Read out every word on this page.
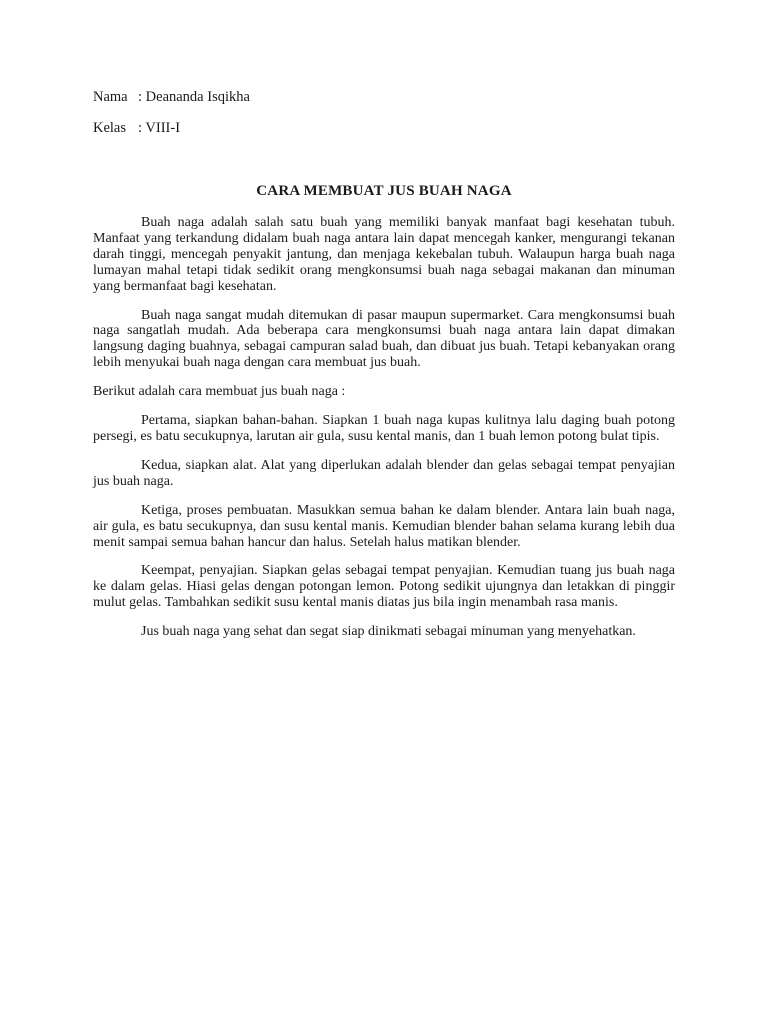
Nama : Deananda Isqikha
Kelas : VIII-I
CARA MEMBUAT JUS BUAH NAGA

Buah naga adalah salah satu buah yang memiliki banyak manfaat bagi kesehatan tubuh. Manfaat yang terkandung didalam buah naga antara lain dapat mencegah kanker, mengurangi tekanan darah tinggi, mencegah penyakit jantung, dan menjaga kekebalan tubuh. Walaupun harga buah naga lumayan mahal tetapi tidak sedikit orang mengkonsumsi buah naga sebagai makanan dan minuman yang bermanfaat bagi kesehatan.

Buah naga sangat mudah ditemukan di pasar maupun supermarket. Cara mengkonsumsi buah naga sangatlah mudah. Ada beberapa cara mengkonsumsi buah naga antara lain dapat dimakan langsung daging buahnya, sebagai campuran salad buah, dan dibuat jus buah. Tetapi kebanyakan orang lebih menyukai buah naga dengan cara membuat jus buah.

Berikut adalah cara membuat jus buah naga :

Pertama, siapkan bahan-bahan. Siapkan 1 buah naga kupas kulitnya lalu daging buah potong persegi, es batu secukupnya, larutan air gula, susu kental manis, dan 1 buah lemon potong bulat tipis.

Kedua, siapkan alat. Alat yang diperlukan adalah blender dan gelas sebagai tempat penyajian jus buah naga.

Ketiga, proses pembuatan. Masukkan semua bahan ke dalam blender. Antara lain buah naga, air gula, es batu secukupnya, dan susu kental manis. Kemudian blender bahan selama kurang lebih dua menit sampai semua bahan hancur dan halus. Setelah halus matikan blender.

Keempat, penyajian. Siapkan gelas sebagai tempat penyajian. Kemudian tuang jus buah naga ke dalam gelas. Hiasi gelas dengan potongan lemon. Potong sedikit ujungnya dan letakkan di pinggir mulut gelas. Tambahkan sedikit susu kental manis diatas jus bila ingin menambah rasa manis.

Jus buah naga yang sehat dan segat siap dinikmati sebagai minuman yang menyehatkan.
